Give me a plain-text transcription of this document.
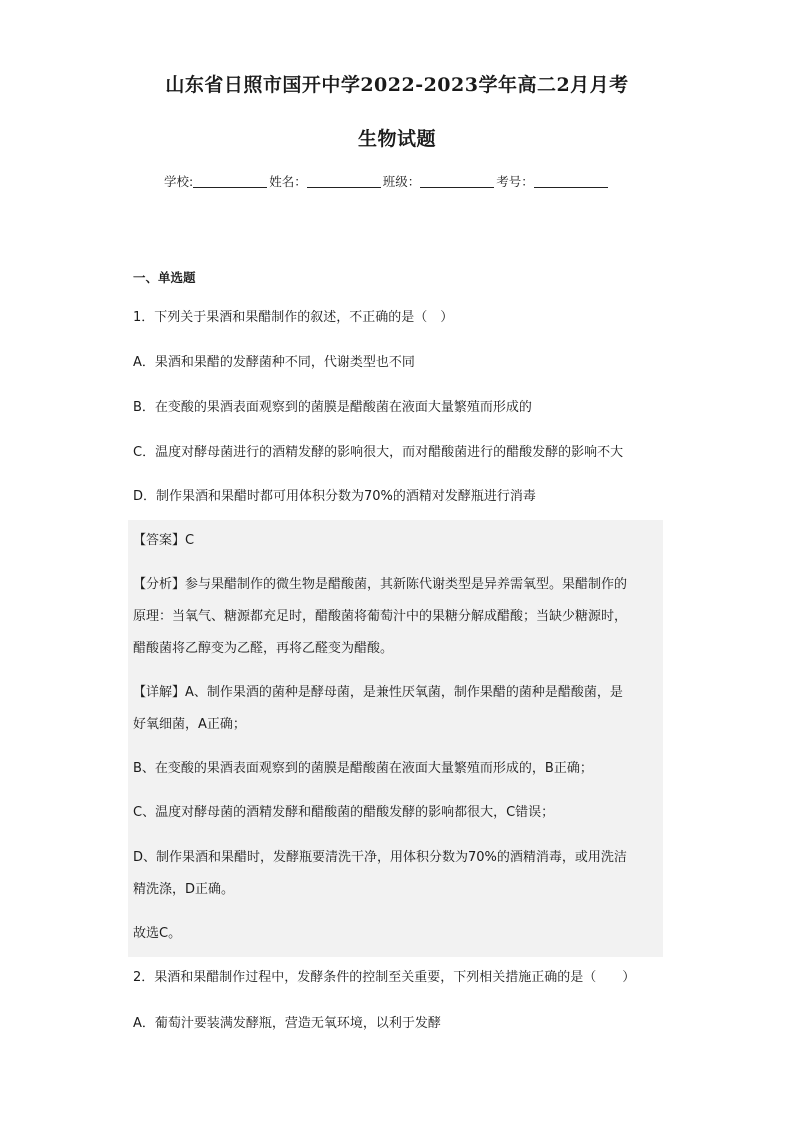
山东省日照市国开中学2022-2023学年高二2月月考
生物试题
学校:	姓名：	班级：	考号：
一、单选题
1．下列关于果酒和果醋制作的叙述，不正确的是（　）
A．果酒和果醋的发酵菌种不同，代谢类型也不同
B．在变酸的果酒表面观察到的菌膜是醋酸菌在液面大量繁殖而形成的
C．温度对酵母菌进行的酒精发酵的影响很大，而对醋酸菌进行的醋酸发酵的影响不大
D．制作果酒和果醋时都可用体积分数为70%的酒精对发酵瓶进行消毒
【答案】C
【分析】参与果醋制作的微生物是醋酸菌，其新陈代谢类型是异养需氧型。果醋制作的
原理：当氧气、糖源都充足时，醋酸菌将葡萄汁中的果糖分解成醋酸；当缺少糖源时，
醋酸菌将乙醇变为乙醛，再将乙醛变为醋酸。
【详解】A、制作果酒的菌种是酵母菌，是兼性厌氧菌，制作果醋的菌种是醋酸菌，是
好氧细菌，A正确；
B、在变酸的果酒表面观察到的菌膜是醋酸菌在液面大量繁殖而形成的，B正确；
C、温度对酵母菌的酒精发酵和醋酸菌的醋酸发酵的影响都很大，C错误；
D、制作果酒和果醋时，发酵瓶要清洗干净，用体积分数为70%的酒精消毒，或用洗洁
精洗涤，D正确。
故选C。
2．果酒和果醋制作过程中，发酵条件的控制至关重要，下列相关措施正确的是（　　）
A．葡萄汁要装满发酵瓶，营造无氧环境，以利于发酵
